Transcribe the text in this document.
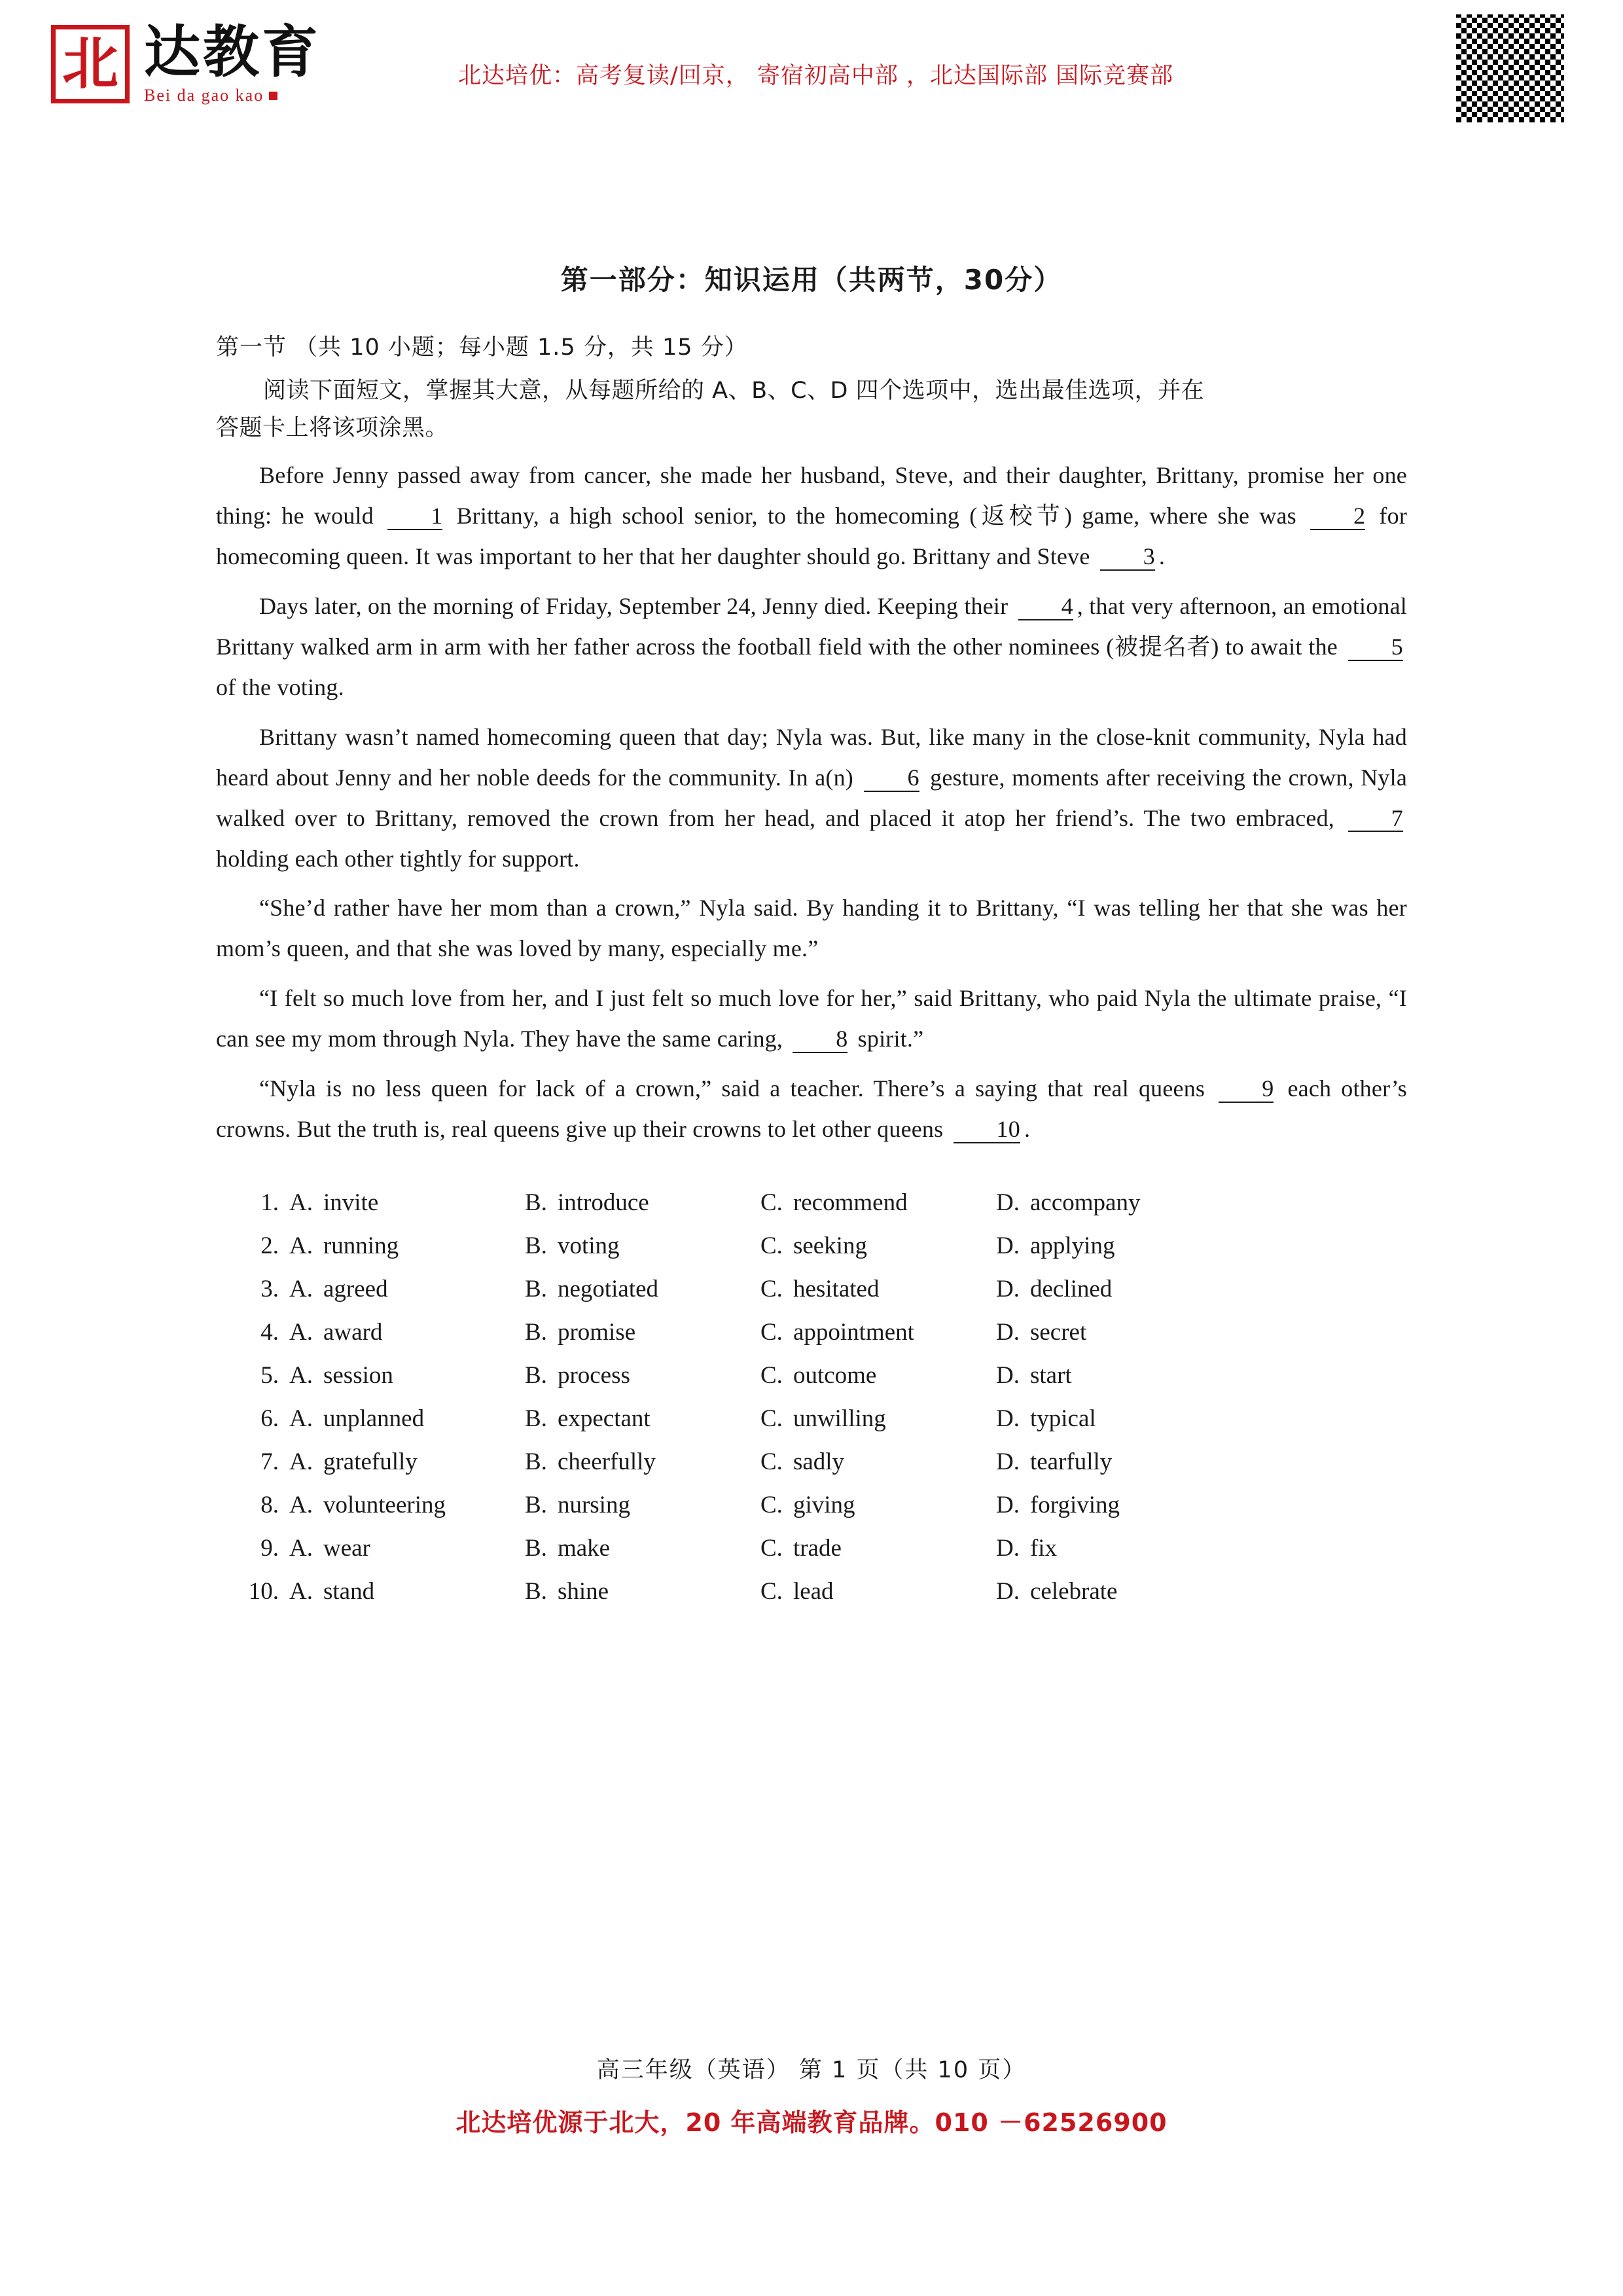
北 达教育
Bei da gao kao
北达培优：高考复读/回京， 寄宿初高中部 ，北达国际部 国际竞赛部
第一部分：知识运用（共两节，30分）
第一节 （共 10 小题；每小题 1.5 分，共 15 分）
阅读下面短文，掌握其大意，从每题所给的 A、B、C、D 四个选项中，选出最佳选项，并在
答题卡上将该项涂黑。
Before Jenny passed away from cancer, she made her husband, Steve, and their daughter, Brittany, promise her one thing: he would 1 Brittany, a high school senior, to the homecoming (返校节) game, where she was 2 for homecoming queen. It was important to her that her daughter should go. Brittany and Steve 3 .
Days later, on the morning of Friday, September 24, Jenny died. Keeping their 4 , that very afternoon, an emotional Brittany walked arm in arm with her father across the football field with the other nominees (被提名者) to await the 5 of the voting.
Brittany wasn’t named homecoming queen that day; Nyla was. But, like many in the close-knit community, Nyla had heard about Jenny and her noble deeds for the community. In a(n) 6 gesture, moments after receiving the crown, Nyla walked over to Brittany, removed the crown from her head, and placed it atop her friend’s. The two embraced, 7 holding each other tightly for support.
“She’d rather have her mom than a crown,” Nyla said. By handing it to Brittany, “I was telling her that she was her mom’s queen, and that she was loved by many, especially me.”
“I felt so much love from her, and I just felt so much love for her,” said Brittany, who paid Nyla the ultimate praise, “I can see my mom through Nyla. They have the same caring, 8 spirit.”
“Nyla is no less queen for lack of a crown,” said a teacher. There’s a saying that real queens 9 each other’s crowns. But the truth is, real queens give up their crowns to let other queens 10 .
1. A. invite	B. introduce	C. recommend	D. accompany
2. A. running	B. voting	C. seeking	D. applying
3. A. agreed	B. negotiated	C. hesitated	D. declined
4. A. award	B. promise	C. appointment	D. secret
5. A. session	B. process	C. outcome	D. start
6. A. unplanned	B. expectant	C. unwilling	D. typical
7. A. gratefully	B. cheerfully	C. sadly	D. tearfully
8. A. volunteering	B. nursing	C. giving	D. forgiving
9. A. wear	B. make	C. trade	D. fix
10. A. stand	B. shine	C. lead	D. celebrate
高三年级（英语） 第 1 页（共 10 页）
北达培优源于北大，20 年高端教育品牌。010 －62526900
